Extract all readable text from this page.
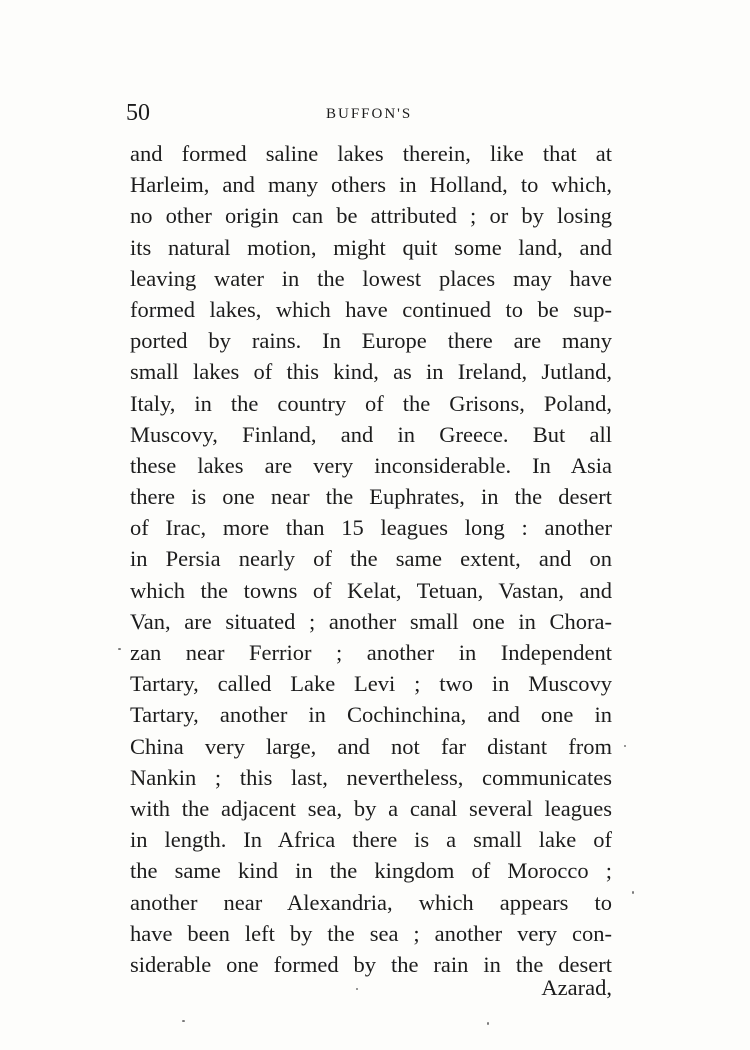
50	BUFFON'S
and formed saline lakes therein, like that at
Harleim, and many others in Holland, to which,
no other origin can be attributed ; or by losing
its natural motion, might quit some land, and
leaving water in the lowest places may have
formed lakes, which have continued to be sup-
ported by rains. In Europe there are many
small lakes of this kind, as in Ireland, Jutland,
Italy, in the country of the Grisons, Poland,
Muscovy, Finland, and in Greece. But all
these lakes are very inconsiderable. In Asia
there is one near the Euphrates, in the desert
of Irac, more than 15 leagues long : another
in Persia nearly of the same extent, and on
which the towns of Kelat, Tetuan, Vastan, and
Van, are situated ; another small one in Chora-
zan near Ferrior ; another in Independent
Tartary, called Lake Levi ; two in Muscovy
Tartary, another in Cochinchina, and one in
China very large, and not far distant from
Nankin ; this last, nevertheless, communicates
with the adjacent sea, by a canal several leagues
in length. In Africa there is a small lake of
the same kind in the kingdom of Morocco ;
another near Alexandria, which appears to
have been left by the sea ; another very con-
siderable one formed by the rain in the desert
Azarad,
